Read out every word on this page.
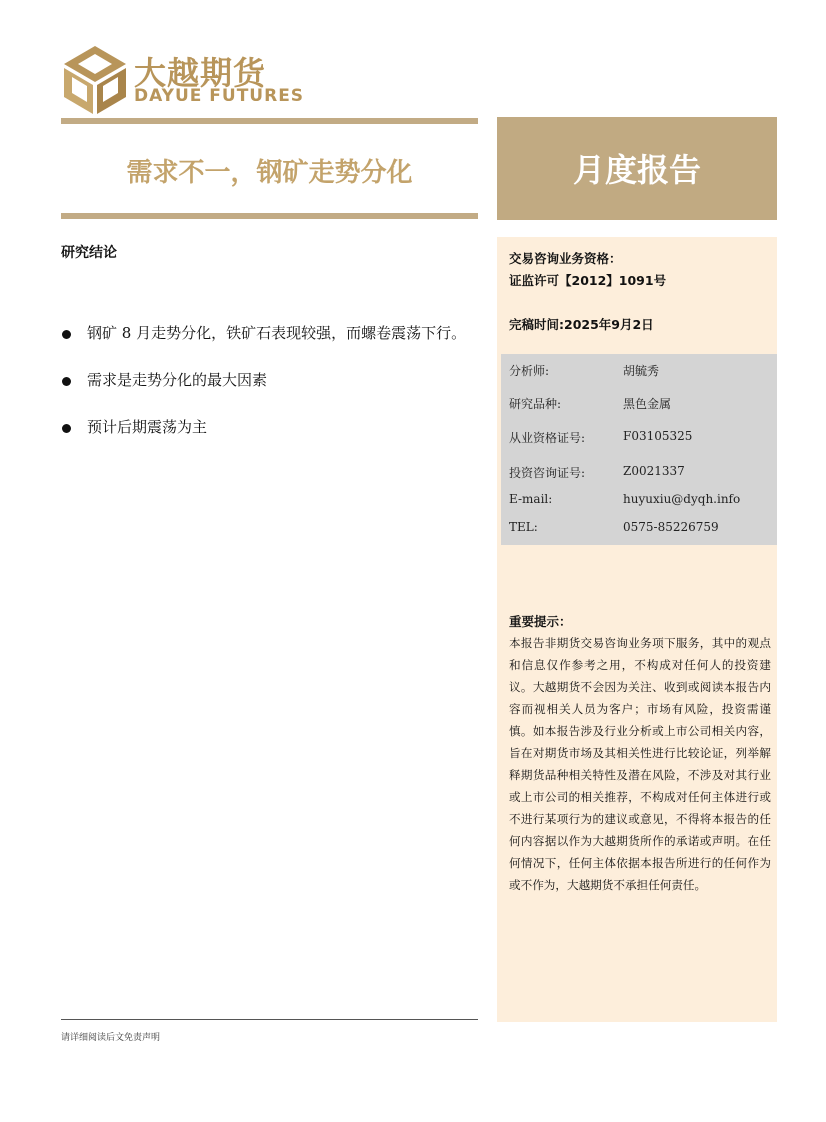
大越期货
DAYUE FUTURES
需求不一，钢矿走势分化	月度报告
研究结论
钢矿 8 月走势分化，铁矿石表现较强，而螺卷震荡下行。
需求是走势分化的最大因素
预计后期震荡为主
请详细阅读后文免责声明
交易咨询业务资格：
证监许可【2012】1091号
完稿时间:2025年9月2日
分析师:	胡毓秀
研究品种:	黑色金属
从业资格证号:	F03105325
投资咨询证号:	Z0021337
E-mail:	huyuxiu@dyqh.info
TEL:	0575-85226759
重要提示：
本报告非期货交易咨询业务项下服务，其中的观点和信息仅作参考之用，不构成对任何人的投资建议。大越期货不会因为关注、收到或阅读本报告内容而视相关人员为客户；市场有风险，投资需谨慎。如本报告涉及行业分析或上市公司相关内容，旨在对期货市场及其相关性进行比较论证，列举解释期货品种相关特性及潜在风险，不涉及对其行业或上市公司的相关推荐，不构成对任何主体进行或不进行某项行为的建议或意见，不得将本报告的任何内容据以作为大越期货所作的承诺或声明。在任何情况下，任何主体依据本报告所进行的任何作为或不作为，大越期货不承担任何责任。
